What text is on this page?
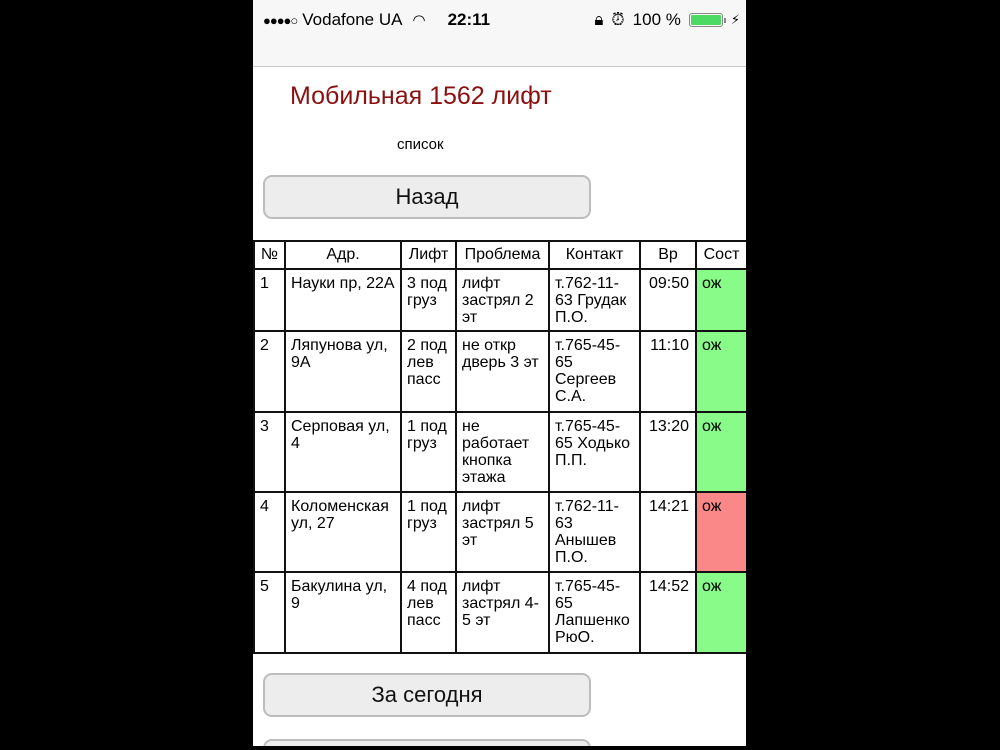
●●●●○ Vodafone UA ◠ 22:11	🔒︎ ⏰︎ 100 %	⚡︎
Мобильная 1562 лифт
список
Назад
№	Адр.	Лифт	Проблема	Контакт	Вр	Сост
1	Науки пр, 22А	3 под груз	лифт застрял 2 эт	т.762-11-63 Грудак П.О.	09:50	ож
2	Ляпунова ул, 9А	2 под лев пасс	не откр дверь 3 эт	т.765-45-65 Сергеев С.А.	11:10	ож
3	Серповая ул, 4	1 под груз	не работает кнопка этажа	т.765-45-65 Ходько П.П.	13:20	ож
4	Коломенская ул, 27	1 под груз	лифт застрял 5 эт	т.762-11-63 Анышев П.О.	14:21	ож
5	Бакулина ул, 9	4 под лев пасс	лифт застрял 4-5 эт	т.765-45-65 Лапшенко РюО.	14:52	ож
За сегодня
